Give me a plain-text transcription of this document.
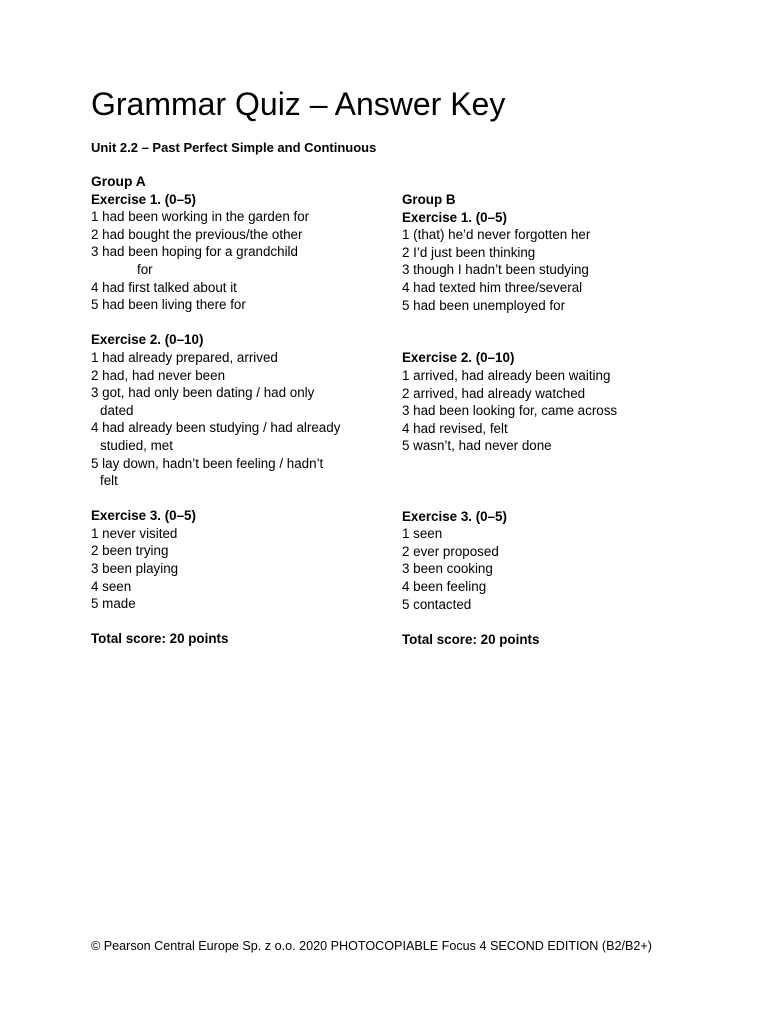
Grammar Quiz – Answer Key
Unit 2.2 – Past Perfect Simple and Continuous
Group A
Exercise 1. (0–5)
1 had been working in the garden for
2 had bought the previous/the other
3 had been hoping for a grandchild
for
4 had first talked about it
5 had been living there for
Exercise 2. (0–10)
1 had already prepared, arrived
2 had, had never been
3 got, had only been dating / had only
dated
4 had already been studying / had already
studied, met
5 lay down, hadn’t been feeling / hadn’t
felt
Exercise 3. (0–5)
1 never visited
2 been trying
3 been playing
4 seen
5 made
Total score: 20 points
Group B
Exercise 1. (0–5)
1 (that) he’d never forgotten her
2 I’d just been thinking
3 though I hadn’t been studying
4 had texted him three/several
5 had been unemployed for
Exercise 2. (0–10)
1 arrived, had already been waiting
2 arrived, had already watched
3 had been looking for, came across
4 had revised, felt
5 wasn’t, had never done
Exercise 3. (0–5)
1 seen
2 ever proposed
3 been cooking
4 been feeling
5 contacted
Total score: 20 points
© Pearson Central Europe Sp. z o.o. 2020 PHOTOCOPIABLE Focus 4 SECOND EDITION (B2/B2+)
